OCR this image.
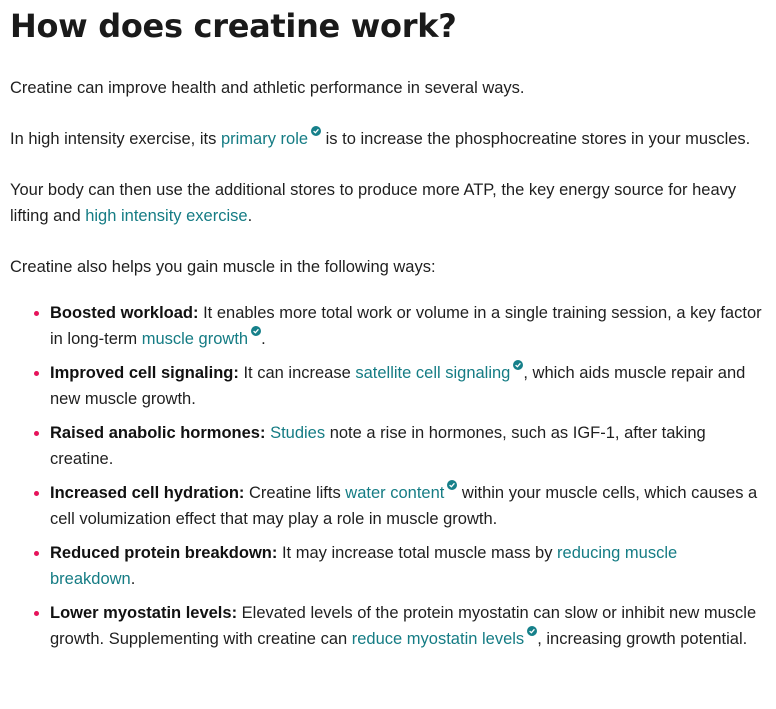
How does creatine work?

Creatine can improve health and athletic performance in several ways.

In high intensity exercise, its primary role
is to increase the phosphocreatine stores in your muscles.

Your body can then use the additional stores to produce more ATP, the key energy source for heavy lifting and high intensity exercise.

Creatine also helps you gain muscle in the following ways:

Boosted workload: It enables more total work or volume in a single training session, a key factor in long-term muscle growth .
Improved cell signaling: It can increase satellite cell signaling , which aids muscle repair and new muscle growth.
Raised anabolic hormones: Studies note a rise in hormones, such as IGF-1, after taking creatine.
Increased cell hydration: Creatine lifts water content
within your muscle cells, which causes a cell volumization effect that may play a role in muscle growth.
Reduced protein breakdown: It may increase total muscle mass by reducing muscle breakdown.
Lower myostatin levels: Elevated levels of the protein myostatin can slow or inhibit new muscle growth. Supplementing with creatine can reduce myostatin levels , increasing growth potential.
